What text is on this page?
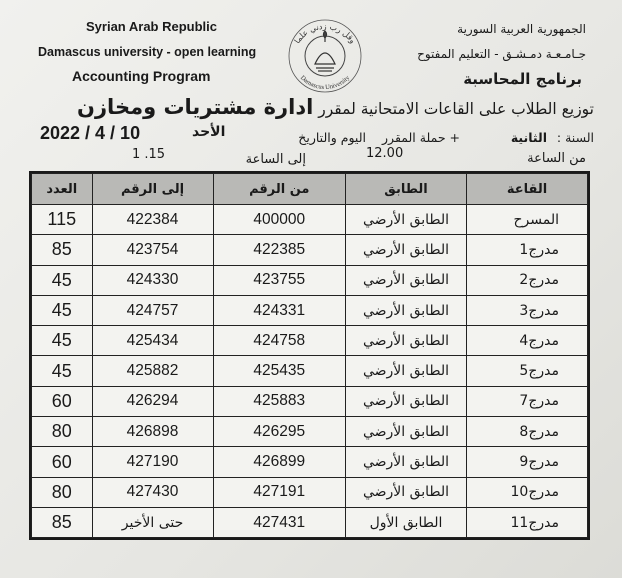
Syrian Arab Republic
Damascus university - open learning
Accounting Program
الجمهورية العربية السورية
جـامـعـة دمـشـق - التعليم المفتوح
برنامج المحاسبة
وقل رب زدني علما
Damascus University
توزيع الطلاب على القاعات الامتحانية لمقرر ادارة مشتريات ومخازن
السنة :
الثانية
+ حملة المقرر
اليوم والتاريخ
الأحد
2022 / 4 / 10
من الساعة
12.00
إلى الساعة
1 .15
القاعة	الطابق	من الرقم	إلى الرقم	العدد
المسرح	الطابق الأرضي	400000	422384	115
مدرج1	الطابق الأرضي	422385	423754	85
مدرج2	الطابق الأرضي	423755	424330	45
مدرج3	الطابق الأرضي	424331	424757	45
مدرج4	الطابق الأرضي	424758	425434	45
مدرج5	الطابق الأرضي	425435	425882	45
مدرج7	الطابق الأرضي	425883	426294	60
مدرج8	الطابق الأرضي	426295	426898	80
مدرج9	الطابق الأرضي	426899	427190	60
مدرج10	الطابق الأرضي	427191	427430	80
مدرج11	الطابق الأول	427431	حتى الأخير	85
